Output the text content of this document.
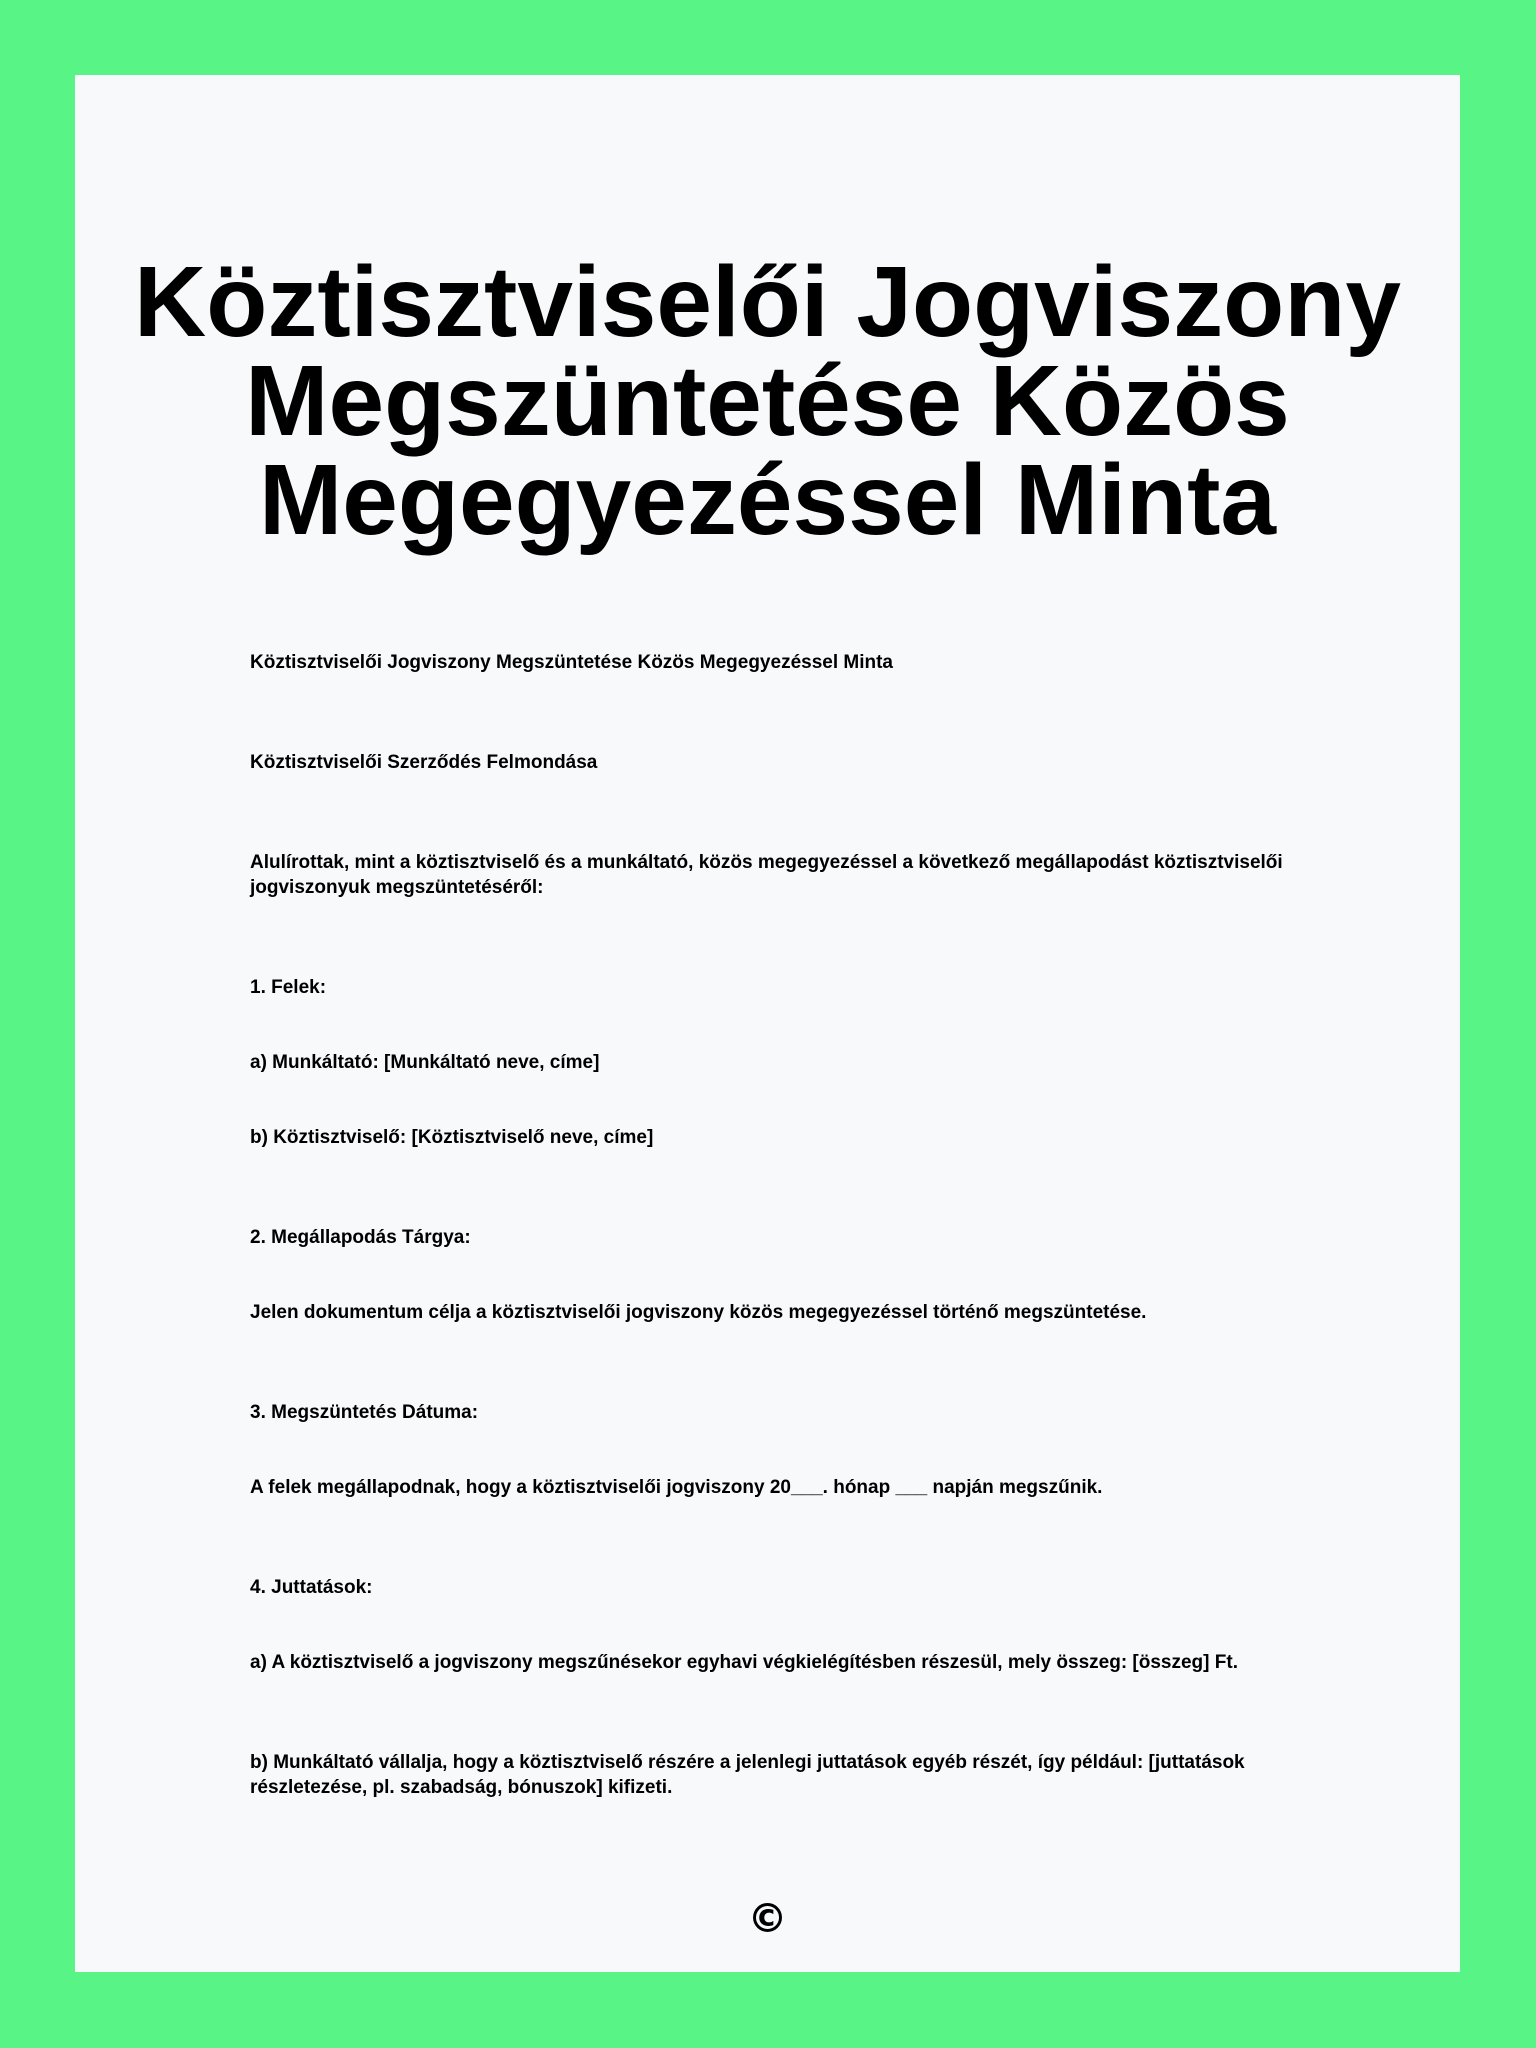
Köztisztviselői Jogviszony Megszüntetése Közös Megegyezéssel Minta

Köztisztviselői Jogviszony Megszüntetése Közös Megegyezéssel Minta

Köztisztviselői Szerződés Felmondása

Alulírottak, mint a köztisztviselő és a munkáltató, közös megegyezéssel a következő megállapodást köztisztviselői jogviszonyuk megszüntetéséről:

1. Felek:

a) Munkáltató: [Munkáltató neve, címe]

b) Köztisztviselő: [Köztisztviselő neve, címe]

2. Megállapodás Tárgya:

Jelen dokumentum célja a köztisztviselői jogviszony közös megegyezéssel történő megszüntetése.

3. Megszüntetés Dátuma:

A felek megállapodnak, hogy a köztisztviselői jogviszony 20___. hónap ___ napján megszűnik.

4. Juttatások:

a) A köztisztviselő a jogviszony megszűnésekor egyhavi végkielégítésben részesül, mely összeg: [összeg] Ft.

b) Munkáltató vállalja, hogy a köztisztviselő részére a jelenlegi juttatások egyéb részét, így például: [juttatások részletezése, pl. szabadság, bónuszok] kifizeti.

©
